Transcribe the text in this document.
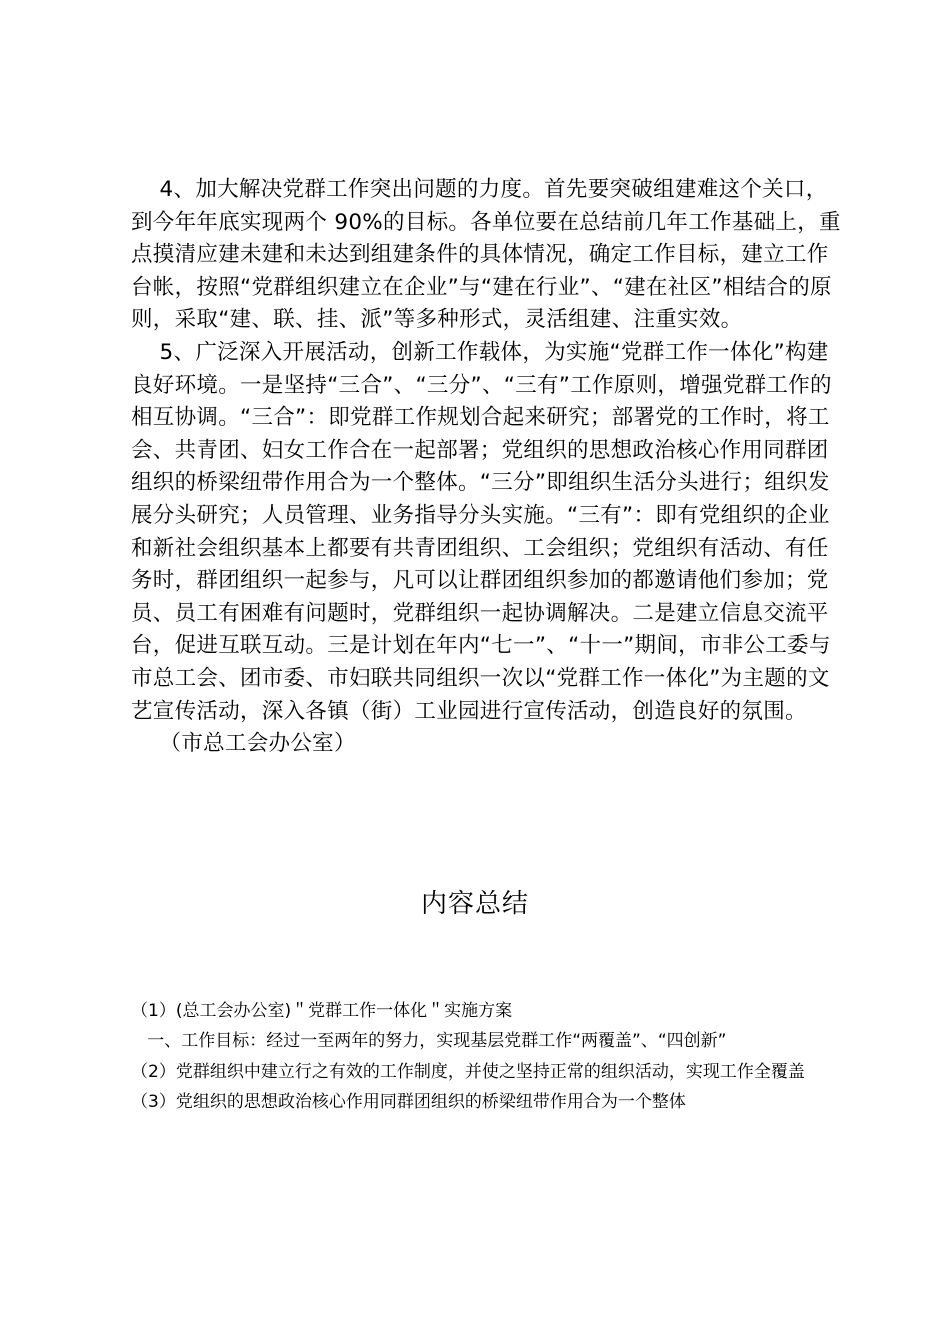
4、加大解决党群工作突出问题的力度。首先要突破组建难这个关口，到今年年底实现两个 90%的目标。各单位要在总结前几年工作基础上，重点摸清应建未建和未达到组建条件的具体情况，确定工作目标，建立工作台帐，按照“党群组织建立在企业”与“建在行业”、“建在社区”相结合的原则，采取“建、联、挂、派”等多种形式，灵活组建、注重实效。

5、广泛深入开展活动，创新工作载体，为实施“党群工作一体化”构建良好环境。一是坚持“三合”、“三分”、“三有”工作原则，增强党群工作的相互协调。“三合”：即党群工作规划合起来研究；部署党的工作时，将工会、共青团、妇女工作合在一起部署；党组织的思想政治核心作用同群团组织的桥梁纽带作用合为一个整体。“三分”即组织生活分头进行；组织发展分头研究；人员管理、业务指导分头实施。“三有”：即有党组织的企业和新社会组织基本上都要有共青团组织、工会组织；党组织有活动、有任务时，群团组织一起参与，凡可以让群团组织参加的都邀请他们参加；党员、员工有困难有问题时，党群组织一起协调解决。二是建立信息交流平台，促进互联互动。三是计划在年内“七一”、“十一”期间，市非公工委与市总工会、团市委、市妇联共同组织一次以“党群工作一体化”为主题的文艺宣传活动，深入各镇（街）工业园进行宣传活动，创造良好的氛围。

（市总工会办公室）

内容总结

（1）(总工会办公室)＂党群工作一体化＂实施方案

一、工作目标：经过一至两年的努力，实现基层党群工作“两覆盖”、“四创新”

（2）党群组织中建立行之有效的工作制度，并使之坚持正常的组织活动，实现工作全覆盖

（3）党组织的思想政治核心作用同群团组织的桥梁纽带作用合为一个整体
